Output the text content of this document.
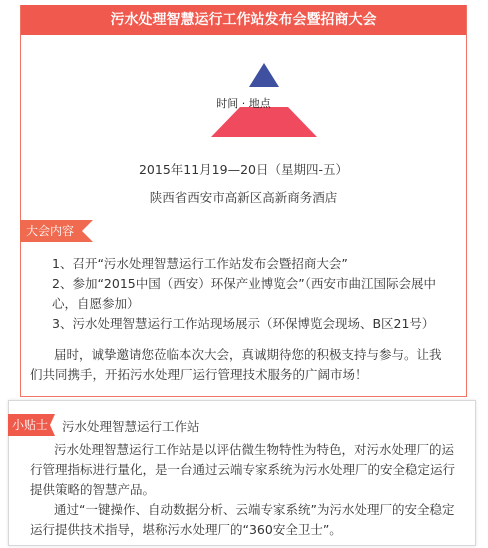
污水处理智慧运行工作站发布会暨招商大会
时间 · 地点
2015年11月19—20日（星期四-五）
陕西省西安市高新区高新商务酒店
大会内容
1、召开“污水处理智慧运行工作站发布会暨招商大会”
2、参加“2015中国（西安）环保产业博览会”（西安市曲江国际会展中心，自愿参加）
3、污水处理智慧运行工作站现场展示（环保博览会现场、B区21号）
届时，诚挚邀请您莅临本次大会，真诚期待您的积极支持与参与。让我们共同携手，开拓污水处理厂运行管理技术服务的广阔市场！
小贴士 污水处理智慧运行工作站

污水处理智慧运行工作站是以评估微生物特性为特色，对污水处理厂的运行管理指标进行量化，是一台通过云端专家系统为污水处理厂的安全稳定运行提供策略的智慧产品。

通过“一键操作、自动数据分析、云端专家系统”为污水处理厂的安全稳定运行提供技术指导，堪称污水处理厂的“360安全卫士”。
